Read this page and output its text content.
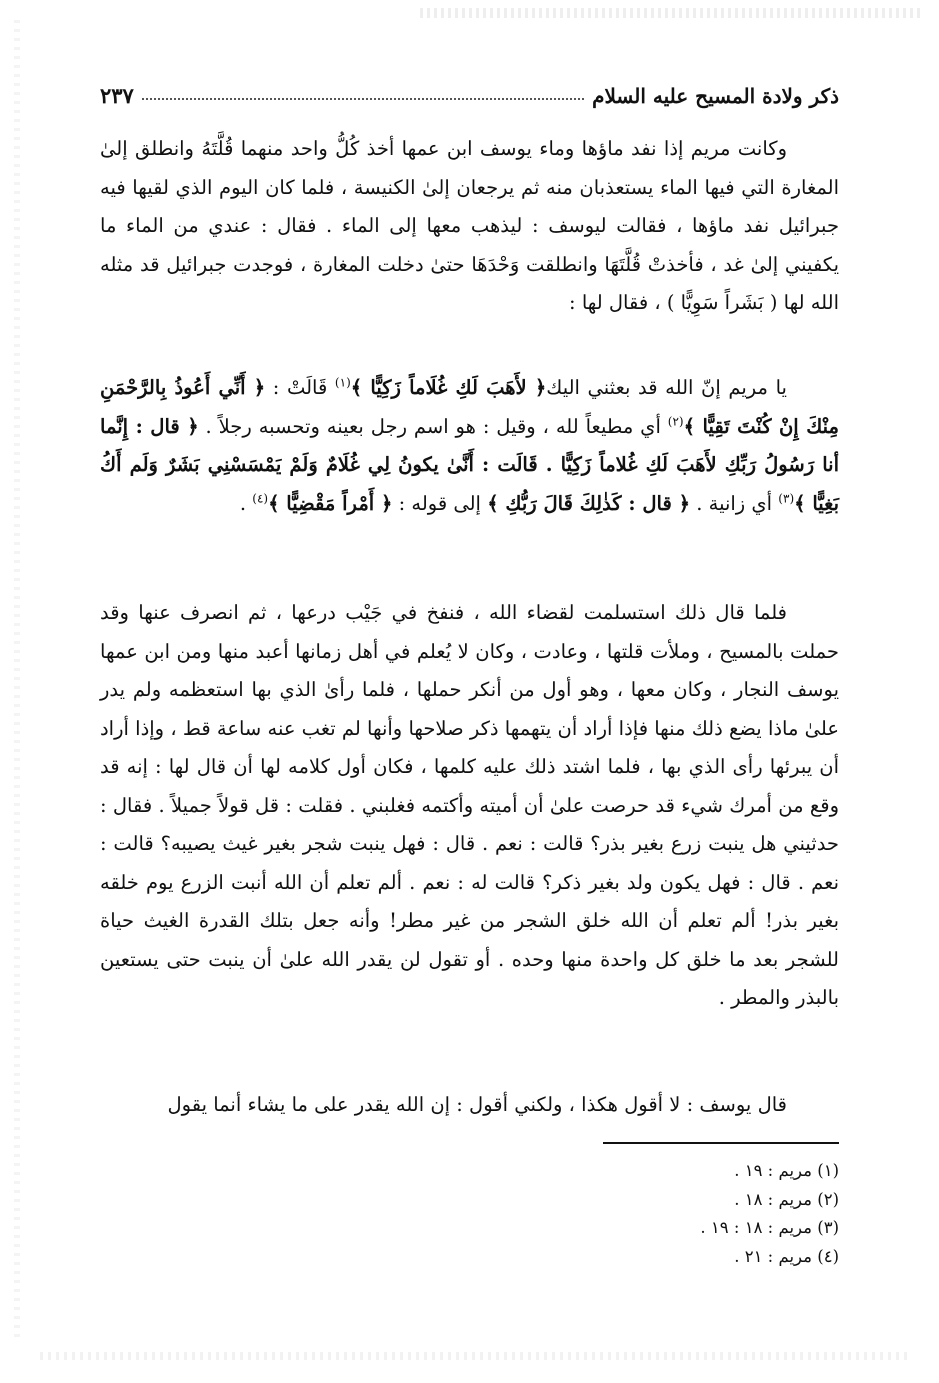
ذكر ولادة المسيح عليه السلام
٢٣٧

وكانت مريم إذا نفد ماؤها وماء يوسف ابن عمها أخذ كُلُّ واحد منهما قُلَّتَهُ وانطلق إلىٰ المغارة التي فيها الماء يستعذبان منه ثم يرجعان إلىٰ الكنيسة ، فلما كان اليوم الذي لقيها فيه جبرائيل نفد ماؤها ، فقالت ليوسف : ليذهب معها إلى الماء . فقال : عندي من الماء ما يكفيني إلىٰ غد ، فأخذتْ قُلَّتَهَا وانطلقت وَحْدَهَا حتىٰ دخلت المغارة ، فوجدت جبرائيل قد مثله الله لها ( بَشَراً سَوِيًّا ) ، فقال لها :

يا مريم إنّ الله قد بعثني اليك﴿ لأَهَبَ لَكِ غُلَاماً زَكِيًّا ﴾$^{(١)}$ قَالَتْ : ﴿ أَنِّي أَعُوذُ بِالرَّحْمَنِ مِنْكَ إِنْ كُنْتَ تَقِيًّا ﴾$^{(٢)}$ أي مطيعاً لله ، وقيل : هو اسم رجل بعينه وتحسبه رجلاً . ﴿ قال : إِنَّما أنا رَسُولُ رَبِّكِ لأَهَبَ لَكِ غُلاماً زَكِيًّا . قَالَت : أَنَّىٰ يكونُ لِي غُلَامٌ وَلَمْ يَمْسَسْنِي بَشَرٌ وَلَم أَكُ بَغِيًّا ﴾$^{(٣)}$ أي زانية . ﴿ قال : كَذٰلِكَ قَالَ رَبُّكِ ﴾ إلى قوله : ﴿ أَمْراً مَقْضِيًّا ﴾$^{(٤)}$ .

فلما قال ذلك استسلمت لقضاء الله ، فنفخ في جَيْب درعها ، ثم انصرف عنها وقد حملت بالمسيح ، وملأت قلتها ، وعادت ، وكان لا يُعلم في أهل زمانها أعبد منها ومن ابن عمها يوسف النجار ، وكان معها ، وهو أول من أنكر حملها ، فلما رأىٰ الذي بها استعظمه ولم يدر علىٰ ماذا يضع ذلك منها فإذا أراد أن يتهمها ذكر صلاحها وأنها لم تغب عنه ساعة قط ، وإذا أراد أن يبرئها رأى الذي بها ، فلما اشتد ذلك عليه كلمها ، فكان أول كلامه لها أن قال لها : إنه قد وقع من أمرك شيء قد حرصت علىٰ أن أميته وأكتمه فغلبني . فقلت : قل قولاً جميلاً . فقال : حدثيني هل ينبت زرع بغير بذر؟ قالت : نعم . قال : فهل ينبت شجر بغير غيث يصيبه؟ قالت : نعم . قال : فهل يكون ولد بغير ذكر؟ قالت له : نعم . ألم تعلم أن الله أنبت الزرع يوم خلقه بغير بذر! ألم تعلم أن الله خلق الشجر من غير مطر! وأنه جعل بتلك القدرة الغيث حياة للشجر بعد ما خلق كل واحدة منها وحده . أو تقول لن يقدر الله علىٰ أن ينبت حتى يستعين بالبذر والمطر .

قال يوسف : لا أقول هكذا ، ولكني أقول : إن الله يقدر على ما يشاء أنما يقول

(١) مريم : ١٩ .
(٢) مريم : ١٨ .
(٣) مريم : ١٨ : ١٩ .
(٤) مريم : ٢١ .
